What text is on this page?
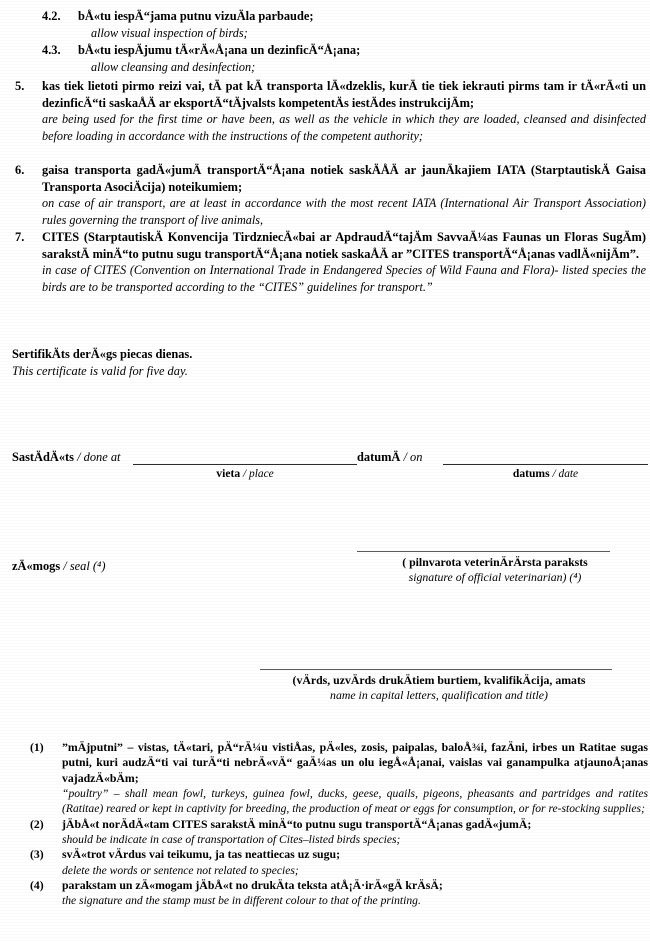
4.2.	bÅ«tu iespÄ“jama putnu vizuÄla parbaude;

allow visual inspection of birds;

4.3.	bÅ«tu iespÄjumu tÄ«rÄ«Å¡ana un dezinficÄ“Å¡ana;

allow cleansing and desinfection;

5.	kas tiek lietoti pirmo reizi vai, tÄ pat kÄ transporta lÄ«dzeklis, kurÄ tie tiek iekrauti pirms tam ir tÄ«rÄ«ti un dezinficÄ“ti saskaÅÄ ar eksportÄ“tÄjvalsts kompetentÄs iestÄdes instrukcijÄm;

are being used for the first time or have been, as well as the vehicle in which they are loaded, cleansed and disinfected before loading in accordance with the instructions of the competent authority;

6.	gaisa transporta gadÄ«jumÄ transportÄ“Å¡ana notiek saskÄÅÄ ar jaunÄkajiem IATA (StarptautiskÄ Gaisa Transporta AsociÄcija) noteikumiem;

on case of air transport, are at least in accordance with the most recent IATA (International Air Transport Association) rules governing the transport of live animals,

7.	CITES (StarptautiskÄ Konvencija TirdzniecÄ«bai ar ApdraudÄ“tajÄm SavvaÄ¼as Faunas un Floras SugÄm) sarakstÄ minÄ“to putnu sugu transportÄ“Å¡ana notiek saskaÅÄ ar ”CITES transportÄ“Å¡anas vadlÄ«nijÄm”.

in case of CITES (Convention on International Trade in Endangered Species of Wild Fauna and Flora)- listed species the birds are to be transported according to the “CITES” guidelines for transport.”

SertifikÄts derÄ«gs piecas dienas.

This certificate is valid for five day.

SastÄdÄ«ts / done at
vieta / place
datumÄ / on
datums / date
zÄ«mogs / seal (⁴)	( pilnvarota veterinÄrÄrsta paraksts
signature of official veterinarian) (⁴)
(vÄrds, uzvÄrds drukÄtiem burtiem, kvalifikÄcija, amats
name in capital letters, qualification and title)
(1)	”mÄjputni” – vistas, tÄ«tari, pÄ“rÄ¼u vistiÅas, pÄ«les, zosis, paipalas, baloÅ¾i, fazÄni, irbes un Ratitae sugas putni, kuri audzÄ“ti vai turÄ“ti nebrÄ«vÄ“ gaÄ¼as un olu iegÅ«Å¡anai, vaislas vai ganampulka atjaunoÅ¡anas vajadzÄ«bÄm;

“poultry” – shall mean fowl, turkeys, guinea fowl, ducks, geese, quails, pigeons, pheasants and partridges and ratites (Ratitae) reared or kept in captivity for breeding, the production of meat or eggs for consumption, or for re-stocking supplies;

(2)	jÄbÅ«t norÄdÄ«tam CITES sarakstÄ minÄ“to putnu sugu transportÄ“Å¡anas gadÄ«jumÄ;

should be indicate in case of transportation of Cites–listed birds species;

(3)	svÄ«trot vÄrdus vai teikumu, ja tas neattiecas uz sugu;

delete the words or sentence not related to species;

(4)	parakstam un zÄ«mogam jÄbÅ«t no drukÄta teksta atÅ¡Ä·irÄ«gÄ krÄsÄ;

the signature and the stamp must be in different colour to that of the printing.
